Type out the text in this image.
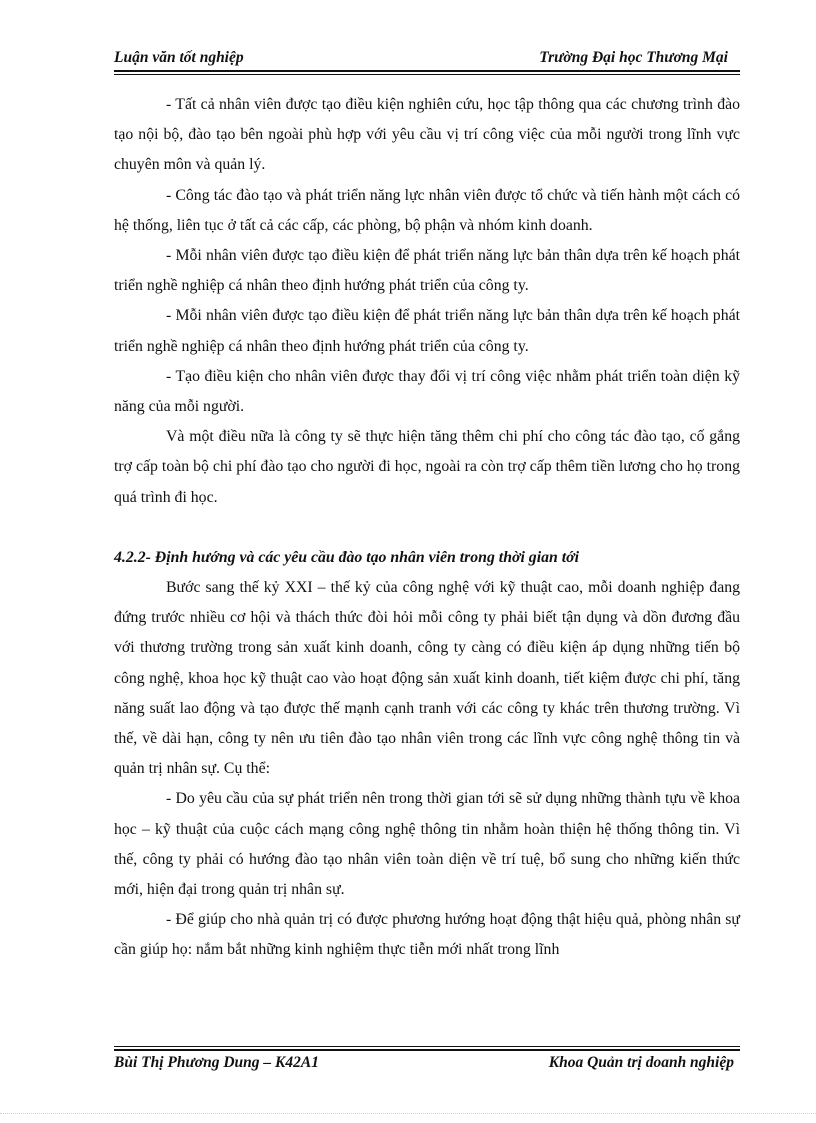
Luận văn tốt nghiệp	Trường Đại học Thương Mại

- Tất cả nhân viên được tạo điều kiện nghiên cứu, học tập thông qua các chương trình đào tạo nội bộ, đào tạo bên ngoài phù hợp với yêu cầu vị trí công việc của mỗi người trong lĩnh vực chuyên môn và quản lý.

- Công tác đào tạo và phát triển năng lực nhân viên được tổ chức và tiến hành một cách có hệ thống, liên tục ở tất cả các cấp, các phòng, bộ phận và nhóm kinh doanh.

- Mỗi nhân viên được tạo điều kiện để phát triển năng lực bản thân dựa trên kế hoạch phát triển nghề nghiệp cá nhân theo định hướng phát triển của công ty.

- Mỗi nhân viên được tạo điều kiện để phát triển năng lực bản thân dựa trên kế hoạch phát triển nghề nghiệp cá nhân theo định hướng phát triển của công ty.

- Tạo điều kiện cho nhân viên được thay đổi vị trí công việc nhằm phát triển toàn diện kỹ năng của mỗi người.

Và một điều nữa là công ty sẽ thực hiện tăng thêm chi phí cho công tác đào tạo, cố gắng trợ cấp toàn bộ chi phí đào tạo cho người đi học, ngoài ra còn trợ cấp thêm tiền lương cho họ trong quá trình đi học.

4.2.2- Định hướng và các yêu cầu đào tạo nhân viên trong thời gian tới

Bước sang thế kỷ XXI – thế kỷ của công nghệ với kỹ thuật cao, mỗi doanh nghiệp đang đứng trước nhiều cơ hội và thách thức đòi hỏi mỗi công ty phải biết tận dụng và dồn đương đầu với thương trường trong sản xuất kinh doanh, công ty càng có điều kiện áp dụng những tiến bộ công nghệ, khoa học kỹ thuật cao vào hoạt động sản xuất kinh doanh, tiết kiệm được chi phí, tăng năng suất lao động và tạo được thế mạnh cạnh tranh với các công ty khác trên thương trường. Vì thế, về dài hạn, công ty nên ưu tiên đào tạo nhân viên trong các lĩnh vực công nghệ thông tin và quản trị nhân sự. Cụ thể:

- Do yêu cầu của sự phát triển nên trong thời gian tới sẽ sử dụng những thành tựu về khoa học – kỹ thuật của cuộc cách mạng công nghệ thông tin nhằm hoàn thiện hệ thống thông tin. Vì thế, công ty phải có hướng đào tạo nhân viên toàn diện về trí tuệ, bổ sung cho những kiến thức mới, hiện đại trong quản trị nhân sự.

- Để giúp cho nhà quản trị có được phương hướng hoạt động thật hiệu quả, phòng nhân sự cần giúp họ: nắm bắt những kinh nghiệm thực tiễn mới nhất trong lĩnh

Bùi Thị Phương Dung – K42A1	Khoa Quản trị doanh nghiệp
